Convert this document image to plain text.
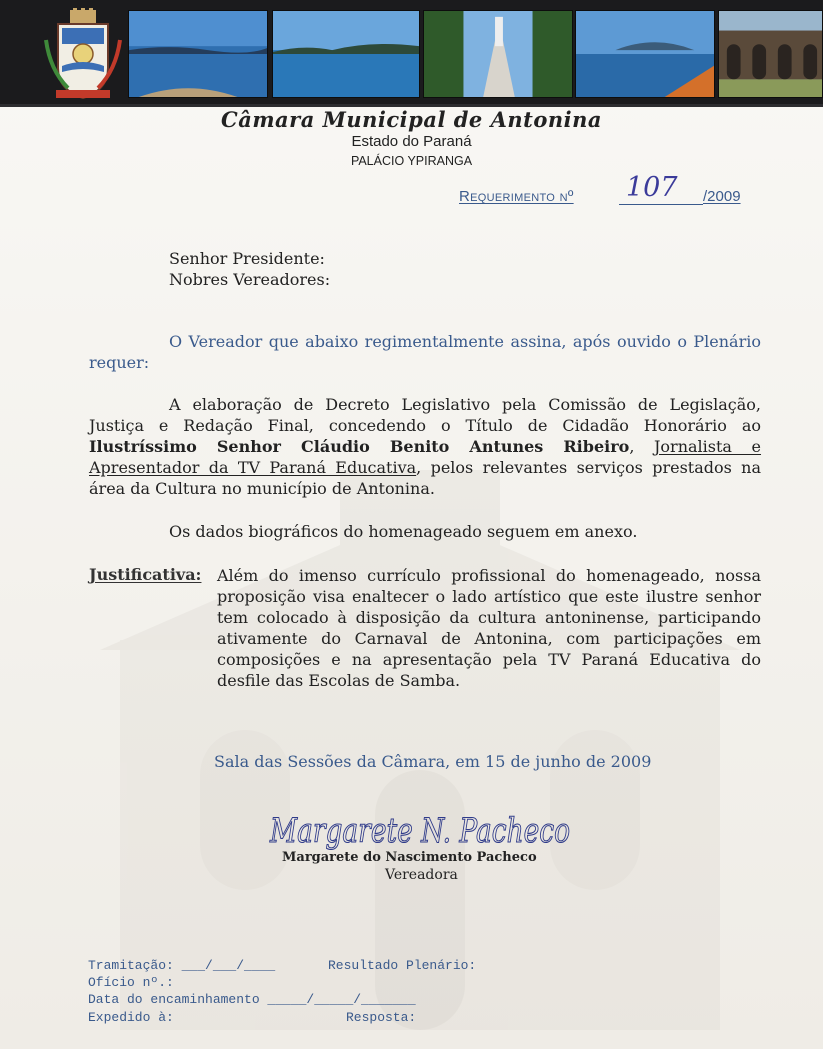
Câmara Municipal de Antonina
Estado do Paraná
PALÁCIO YPIRANGA
Requerimento nº 107 /2009
Senhor Presidente:
Nobres Vereadores:
O Vereador que abaixo regimentalmente assina, após ouvido o Plenário requer:
A elaboração de Decreto Legislativo pela Comissão de Legislação, Justiça e Redação Final, concedendo o Título de Cidadão Honorário ao Ilustríssimo Senhor Cláudio Benito Antunes Ribeiro, Jornalista e Apresentador da TV Paraná Educativa, pelos relevantes serviços prestados na área da Cultura no município de Antonina.
Os dados biográficos do homenageado seguem em anexo.
Justificativa: Além do imenso currículo profissional do homenageado, nossa proposição visa enaltecer o lado artístico que este ilustre senhor tem colocado à disposição da cultura antoninense, participando ativamente do Carnaval de Antonina, com participações em composições e na apresentação pela TV Paraná Educativa do desfile das Escolas de Samba.
Sala das Sessões da Câmara, em 15 de junho de 2009
Margarete N. Pacheco
Margarete do Nascimento Pacheco
Vereadora
Tramitação: ___/___/____	Resultado Plenário:
Ofício nº.:
Data do encaminhamento _____/_____/_______
Expedido à:	Resposta:
